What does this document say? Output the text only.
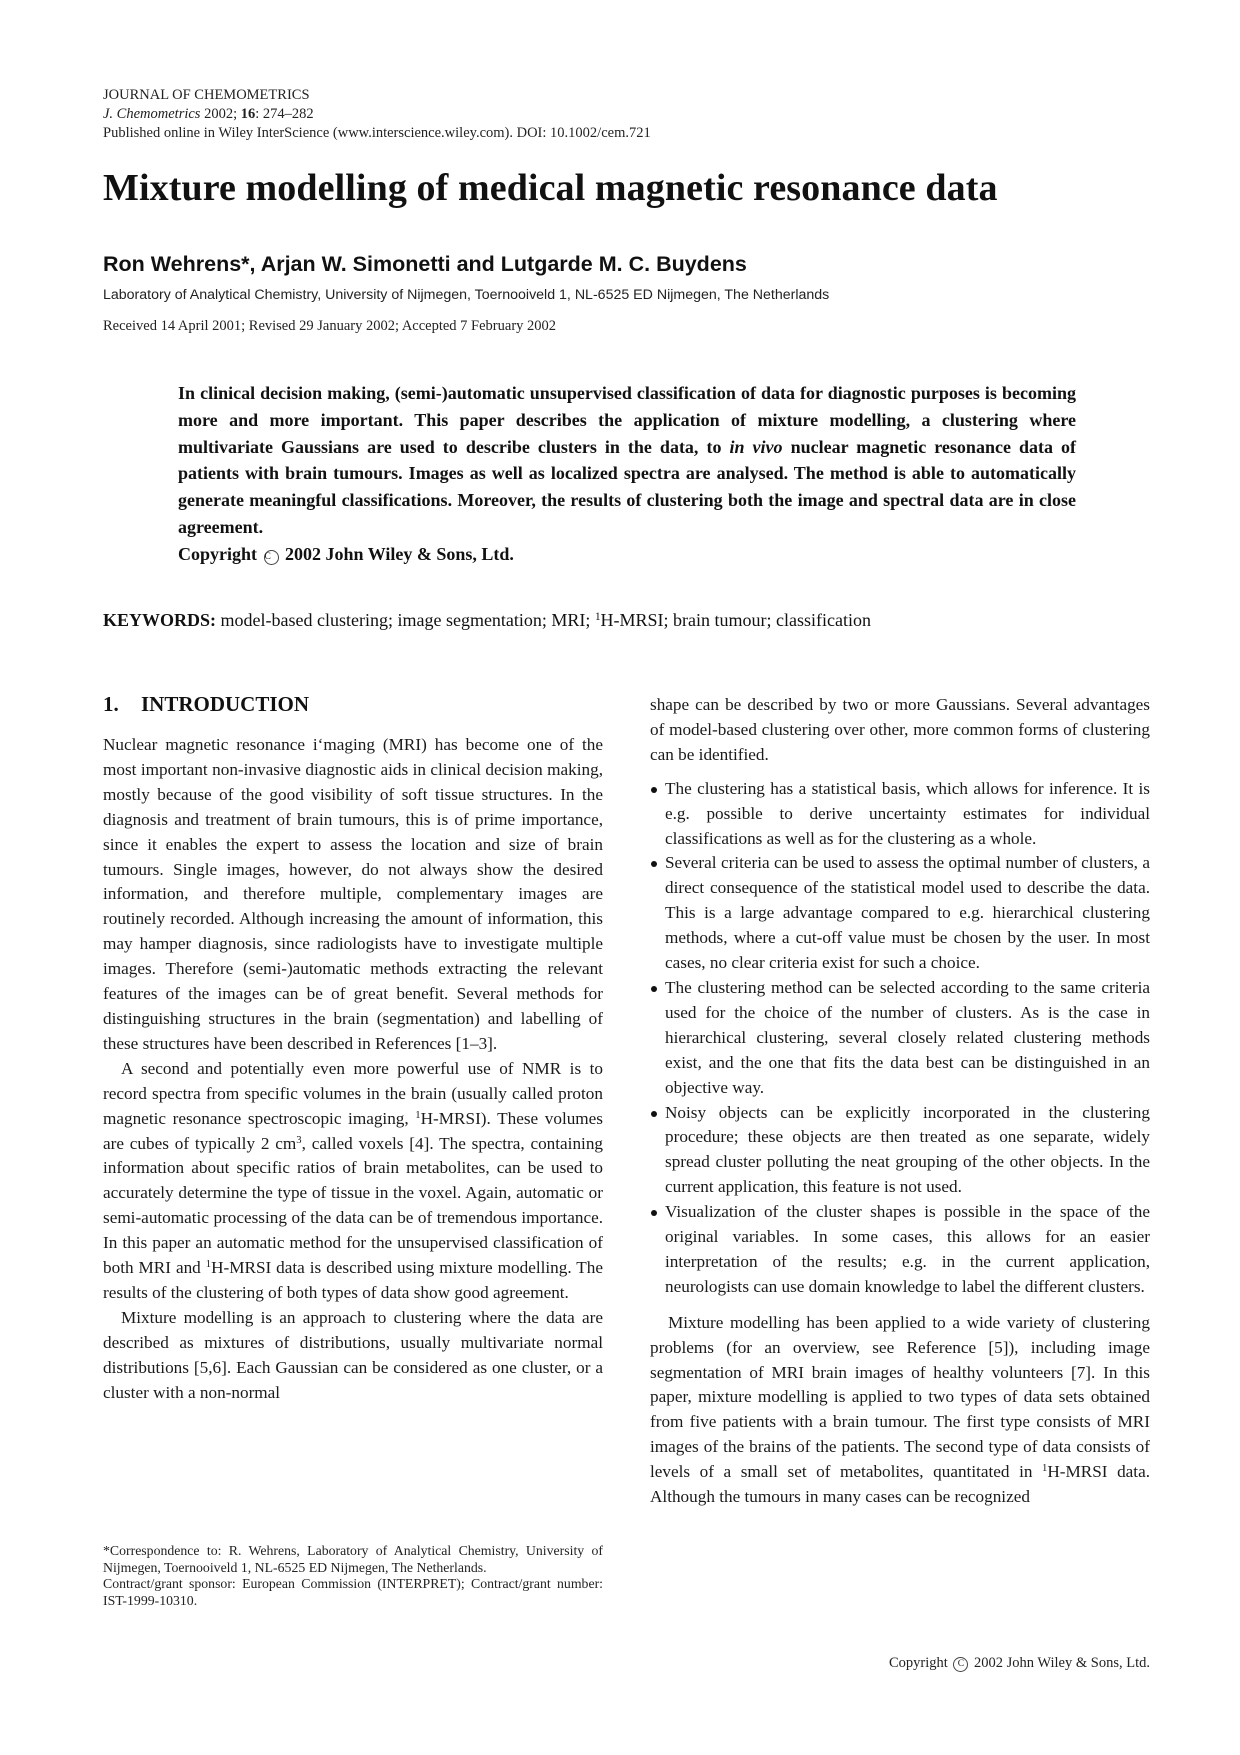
JOURNAL OF CHEMOMETRICS
J. Chemometrics 2002; 16: 274–282
Published online in Wiley InterScience (www.interscience.wiley.com). DOI: 10.1002/cem.721
Mixture modelling of medical magnetic resonance data
Ron Wehrens*, Arjan W. Simonetti and Lutgarde M. C. Buydens
Laboratory of Analytical Chemistry, University of Nijmegen, Toernooiveld 1, NL-6525 ED Nijmegen, The Netherlands
Received 14 April 2001; Revised 29 January 2002; Accepted 7 February 2002
In clinical decision making, (semi-)automatic unsupervised classification of data for diagnostic purposes is becoming more and more important. This paper describes the application of mixture modelling, a clustering where multivariate Gaussians are used to describe clusters in the data, to in vivo nuclear magnetic resonance data of patients with brain tumours. Images as well as localized spectra are analysed. The method is able to automatically generate meaningful classifications. Moreover, the results of clustering both the image and spectral data are in close agreement.
Copyright C 2002 John Wiley & Sons, Ltd.
KEYWORDS: model-based clustering; image segmentation; MRI; $^1$H-MRSI; brain tumour; classification
1. INTRODUCTION

Nuclear magnetic resonance i‘maging (MRI) has become one of the most important non-invasive diagnostic aids in clinical decision making, mostly because of the good visibility of soft tissue structures. In the diagnosis and treatment of brain tumours, this is of prime importance, since it enables the expert to assess the location and size of brain tumours. Single images, however, do not always show the desired information, and therefore multiple, complementary images are routinely recorded. Although increasing the amount of information, this may hamper diagnosis, since radiologists have to investigate multiple images. Therefore (semi-)automatic methods extracting the relevant features of the images can be of great benefit. Several methods for distinguishing structures in the brain (segmentation) and labelling of these structures have been described in References [1–3].

A second and potentially even more powerful use of NMR is to record spectra from specific volumes in the brain (usually called proton magnetic resonance spectroscopic imaging, $^1$H-MRSI). These volumes are cubes of typically 2 $cm^3$, called voxels [4]. The spectra, containing information about specific ratios of brain metabolites, can be used to accurately determine the type of tissue in the voxel. Again, automatic or semi-automatic processing of the data can be of tremendous importance. In this paper an automatic method for the unsupervised classification of both MRI and $^1$H-MRSI data is described using mixture modelling. The results of the clustering of both types of data show good agreement.

Mixture modelling is an approach to clustering where the data are described as mixtures of distributions, usually multivariate normal distributions [5,6]. Each Gaussian can be considered as one cluster, or a cluster with a non-normal

*Correspondence to: R. Wehrens, Laboratory of Analytical Chemistry, University of Nijmegen, Toernooiveld 1, NL-6525 ED Nijmegen, The Netherlands.

Contract/grant sponsor: European Commission (INTERPRET); Contract/grant number: IST-1999-10310.

shape can be described by two or more Gaussians. Several advantages of model-based clustering over other, more common forms of clustering can be identified.

The clustering has a statistical basis, which allows for inference. It is e.g. possible to derive uncertainty estimates for individual classifications as well as for the clustering as a whole.
Several criteria can be used to assess the optimal number of clusters, a direct consequence of the statistical model used to describe the data. This is a large advantage compared to e.g. hierarchical clustering methods, where a cut-off value must be chosen by the user. In most cases, no clear criteria exist for such a choice.
The clustering method can be selected according to the same criteria used for the choice of the number of clusters. As is the case in hierarchical clustering, several closely related clustering methods exist, and the one that fits the data best can be distinguished in an objective way.
Noisy objects can be explicitly incorporated in the clustering procedure; these objects are then treated as one separate, widely spread cluster polluting the neat grouping of the other objects. In the current application, this feature is not used.
Visualization of the cluster shapes is possible in the space of the original variables. In some cases, this allows for an easier interpretation of the results; e.g. in the current application, neurologists can use domain knowledge to label the different clusters.

Mixture modelling has been applied to a wide variety of clustering problems (for an overview, see Reference [5]), including image segmentation of MRI brain images of healthy volunteers [7]. In this paper, mixture modelling is applied to two types of data sets obtained from five patients with a brain tumour. The first type consists of MRI images of the brains of the patients. The second type of data consists of levels of a small set of metabolites, quantitated in $^1$H-MRSI data. Although the tumours in many cases can be recognized

Copyright C 2002 John Wiley & Sons, Ltd.
